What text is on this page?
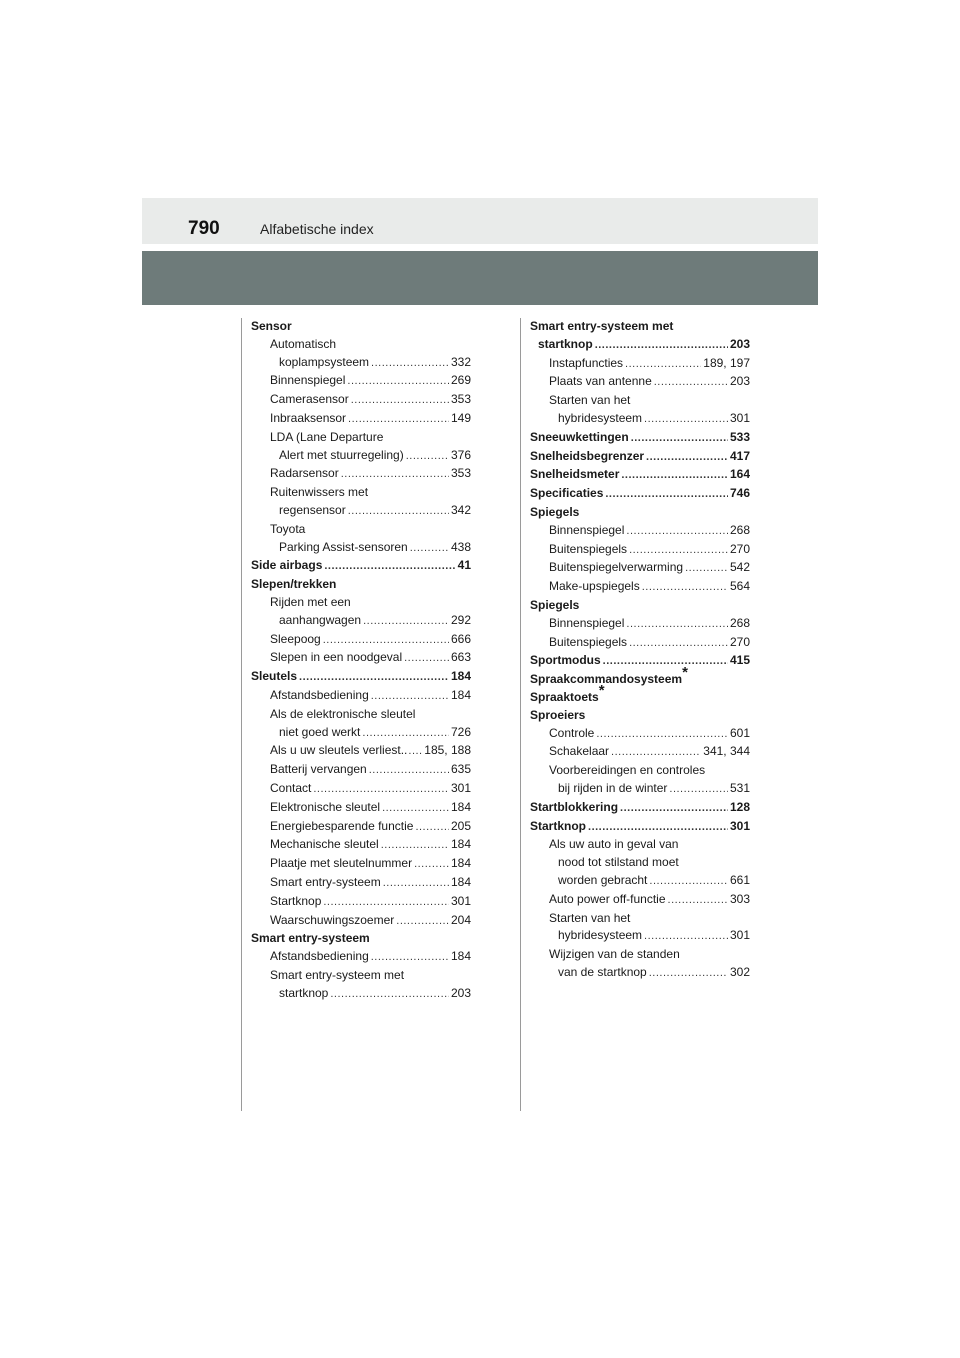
790	Alfabetische index
Sensor
Automatisch
koplampsysteem .....	332
Binnenspiegel .....	269
Camerasensor .....	353
Inbraaksensor .....	149
LDA (Lane Departure
Alert met stuurregeling) .....	376
Radarsensor .....	353
Ruitenwissers met
regensensor .....	342
Toyota
Parking Assist-sensoren .....	438
Side airbags .....	41
Slepen/trekken
Rijden met een
aanhangwagen .....	292
Sleepoog .....	666
Slepen in een noodgeval .....	663
Sleutels .....	184
Afstandsbediening .....	184
Als de elektronische sleutel
niet goed werkt .....	726
Als u uw sleutels verliest.. ..... 185, 188
Batterij vervangen .....	635
Contact .....	301
Elektronische sleutel .....	184
Energiebesparende functie .....	205
Mechanische sleutel .....	184
Plaatje met sleutelnummer .....	184
Smart entry-systeem .....	184
Startknop .....	301
Waarschuwingszoemer .....	204
Smart entry-systeem
Afstandsbediening .....	184
Smart entry-systeem met
startknop .....	203
Smart entry-systeem met
startknop .....	203
Instapfuncties .....	189, 197
Plaats van antenne .....	203
Starten van het
hybridesysteem .....	301
Sneeuwkettingen .....	533
Snelheidsbegrenzer .....	417
Snelheidsmeter .....	164
Specificaties .....	746
Spiegels
Binnenspiegel .....	268
Buitenspiegels .....	270
Buitenspiegelverwarming .....	542
Make-upspiegels .....	564
Spiegels
Binnenspiegel .....	268
Buitenspiegels .....	270
Sportmodus .....	415
Spraakcommandosysteem*
Spraaktoets*
Sproeiers
Controle .....	601
Schakelaar .....	341, 344
Voorbereidingen en controles
bij rijden in de winter .....	531
Startblokkering .....	128
Startknop .....	301
Als uw auto in geval van
nood tot stilstand moet
worden gebracht .....	661
Auto power off-functie .....	303
Starten van het
hybridesysteem .....	301
Wijzigen van de standen
van de startknop .....	302
